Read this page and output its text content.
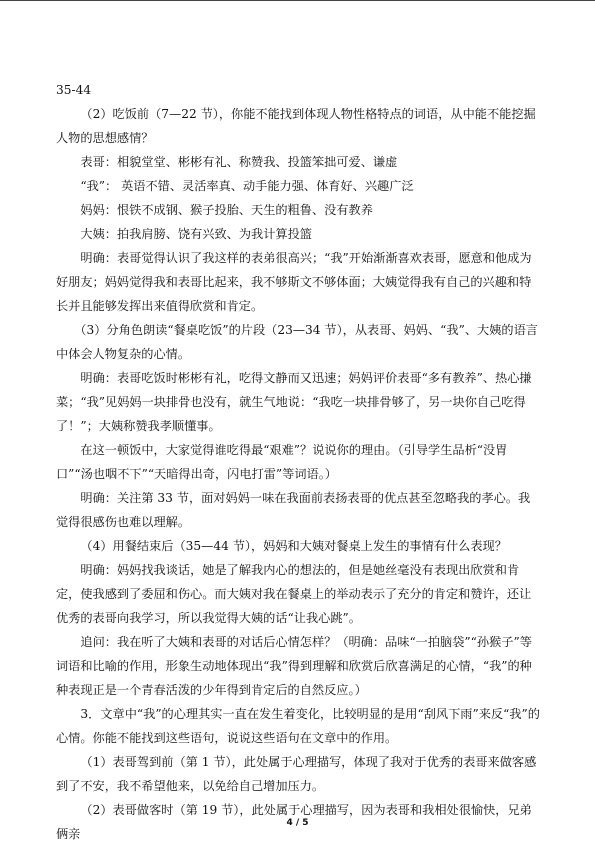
35-44

（2）吃饭前（7—22 节），你能不能找到体现人物性格特点的词语，从中能不能挖掘人物的思想感情？

表哥：相貌堂堂、彬彬有礼、称赞我、投篮笨拙可爱、谦虚

“我”： 英语不错、灵活率真、动手能力强、体育好、兴趣广泛

妈妈：恨铁不成钢、猴子投胎、天生的粗鲁、没有教养

大姨：拍我肩膀、饶有兴致、为我计算投篮

明确：表哥觉得认识了我这样的表弟很高兴；“我”开始渐渐喜欢表哥，愿意和他成为好朋友；妈妈觉得我和表哥比起来，我不够斯文不够体面；大姨觉得我有自己的兴趣和特长并且能够发挥出来值得欣赏和肯定。

（3）分角色朗读“餐桌吃饭”的片段（23—34 节），从表哥、妈妈、“我”、大姨的语言中体会人物复杂的心情。

明确：表哥吃饭时彬彬有礼，吃得文静而又迅速；妈妈评价表哥“多有教养”、热心搛菜；“我”见妈妈一块排骨也没有，就生气地说：“我吃一块排骨够了，另一块你自己吃得了！”；大姨称赞我孝顺懂事。

在这一顿饭中，大家觉得谁吃得最“艰难”？说说你的理由。（引导学生品析“没胃口”“汤也咽不下”“天暗得出奇，闪电打雷”等词语。）

明确：关注第 33 节，面对妈妈一味在我面前表扬表哥的优点甚至忽略我的孝心。我觉得很感伤也难以理解。

（4）用餐结束后（35—44 节），妈妈和大姨对餐桌上发生的事情有什么表现？

明确：妈妈找我谈话，她是了解我内心的想法的，但是她丝毫没有表现出欣赏和肯定，使我感到了委屈和伤心。而大姨对我在餐桌上的举动表示了充分的肯定和赞许，还让优秀的表哥向我学习，所以我觉得大姨的话“让我心跳”。

追问：我在听了大姨和表哥的对话后心情怎样？（明确：品味“一拍脑袋”“孙猴子”等词语和比喻的作用，形象生动地体现出“我”得到理解和欣赏后欣喜满足的心情，“我”的种种表现正是一个青春活泼的少年得到肯定后的自然反应。）

3．文章中“我”的心理其实一直在发生着变化，比较明显的是用“刮风下雨”来反“我”的心情。你能不能找到这些语句，说说这些语句在文章中的作用。

（1）表哥驾到前（第 1 节），此处属于心理描写，体现了我对于优秀的表哥来做客感到了不安，我不希望他来，以免给自己增加压力。

（2）表哥做客时（第 19 节），此处属于心理描写，因为表哥和我相处很愉快，兄弟俩亲

4 / 5
